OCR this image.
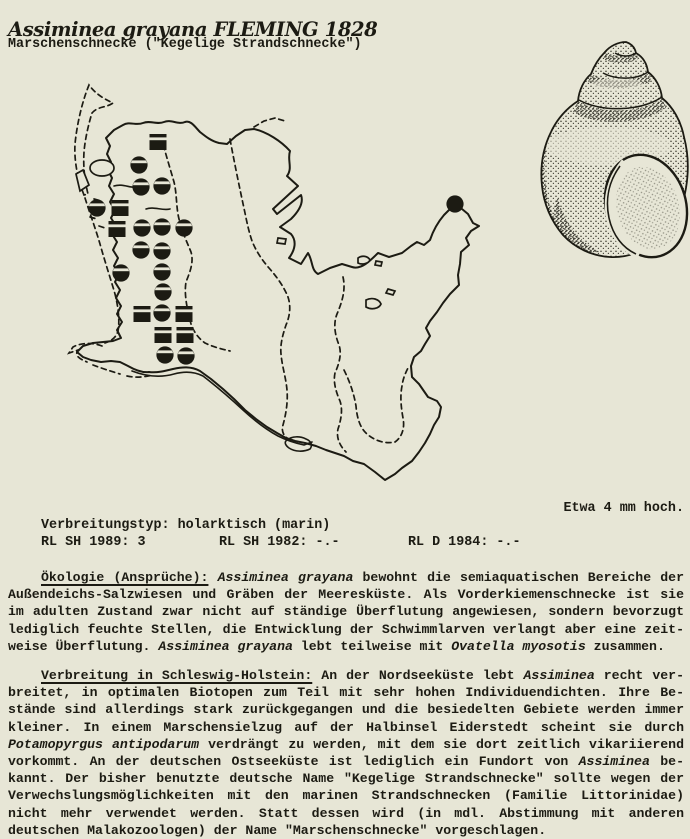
Assiminea grayana FLEMING 1828
Marschenschnecke ("Kegelige Strandschnecke")
Etwa 4 mm hoch.
Verbreitungstyp: holarktisch (marin)
RL SH 1989: 3	RL SH 1982: -.-	RL D 1984: -.-
Ökologie (Ansprüche): Assiminea grayana bewohnt die semiaquatischen Bereiche der
Außendeichs-Salzwiesen und Gräben der Meeresküste. Als Vorderkiemenschnecke ist sie
im adulten Zustand zwar nicht auf ständige Überflutung angewiesen, sondern bevorzugt
lediglich feuchte Stellen, die Entwicklung der Schwimmlarven verlangt aber eine zeit-
weise Überflutung. Assiminea grayana lebt teilweise mit Ovatella myosotis zusammen.
Verbreitung in Schleswig-Holstein: An der Nordseeküste lebt Assiminea recht ver-
breitet, in optimalen Biotopen zum Teil mit sehr hohen Individuendichten. Ihre Be-
stände sind allerdings stark zurückgegangen und die besiedelten Gebiete werden immer
kleiner. In einem Marschensielzug auf der Halbinsel Eiderstedt scheint sie durch
Potamopyrgus antipodarum verdrängt zu werden, mit dem sie dort zeitlich vikariierend
vorkommt. An der deutschen Ostseeküste ist lediglich ein Fundort von Assiminea be-
kannt. Der bisher benutzte deutsche Name "Kegelige Strandschnecke" sollte wegen der
Verwechslungsmöglichkeiten mit den marinen Strandschnecken (Familie Littorinidae)
nicht mehr verwendet werden. Statt dessen wird (in mdl. Abstimmung mit anderen
deutschen Malakozoologen) der Name "Marschenschnecke" vorgeschlagen.
